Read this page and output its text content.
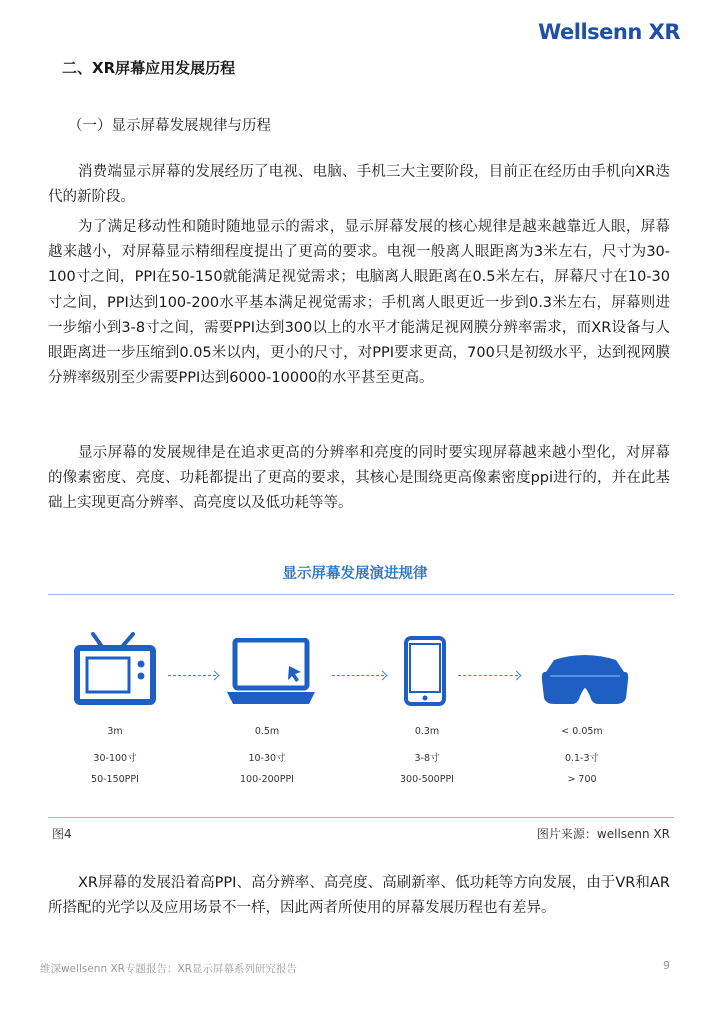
Wellsenn XR
二、XR屏幕应用发展历程
（一）显示屏幕发展规律与历程

消费端显示屏幕的发展经历了电视、电脑、手机三大主要阶段，目前正在经历由手机向XR迭代的新阶段。

为了满足移动性和随时随地显示的需求，显示屏幕发展的核心规律是越来越靠近人眼，屏幕越来越小，对屏幕显示精细程度提出了更高的要求。电视一般离人眼距离为3米左右，尺寸为30-100寸之间，PPI在50-150就能满足视觉需求；电脑离人眼距离在0.5米左右，屏幕尺寸在10-30寸之间，PPI达到100-200水平基本满足视觉需求；手机离人眼更近一步到0.3米左右，屏幕则进一步缩小到3-8寸之间，需要PPI达到300以上的水平才能满足视网膜分辨率需求，而XR设备与人眼距离进一步压缩到0.05米以内，更小的尺寸，对PPI要求更高，700只是初级水平，达到视网膜分辨率级别至少需要PPI达到6000-10000的水平甚至更高。

显示屏幕的发展规律是在追求更高的分辨率和亮度的同时要实现屏幕越来越小型化，对屏幕的像素密度、亮度、功耗都提出了更高的要求，其核心是围绕更高像素密度ppi进行的，并在此基础上实现更高分辨率、高亮度以及低功耗等等。

显示屏幕发展演进规律
3m
30-100寸
50-150PPI
0.5m
10-30寸
100-200PPI
0.3m
3-8寸
300-500PPI
< 0.05m
0.1-3寸
> 700
图4	图片来源：wellsenn XR

XR屏幕的发展沿着高PPI、高分辨率、高亮度、高刷新率、低功耗等方向发展，由于VR和AR所搭配的光学以及应用场景不一样，因此两者所使用的屏幕发展历程也有差异。

维深wellsenn XR专题报告：XR显示屏幕系列研究报告	9
